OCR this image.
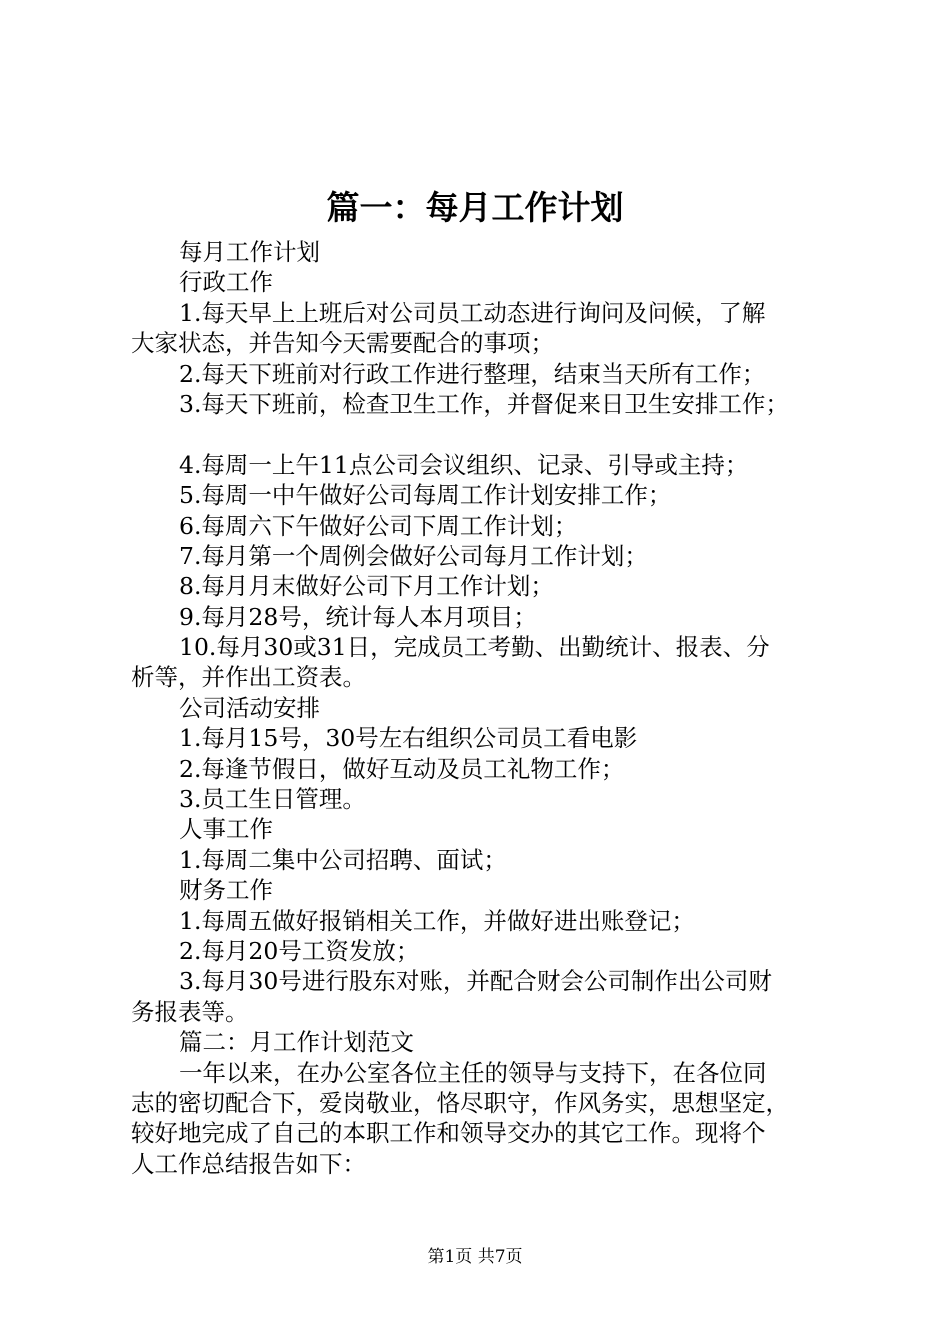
篇一：每月工作计划
每月工作计划
行政工作
1.每天早上上班后对公司员工动态进行询问及问候，了解
大家状态，并告知今天需要配合的事项；
2.每天下班前对行政工作进行整理，结束当天所有工作；
3.每天下班前，检查卫生工作，并督促来日卫生安排工作；
4.每周一上午11点公司会议组织、记录、引导或主持；
5.每周一中午做好公司每周工作计划安排工作；
6.每周六下午做好公司下周工作计划；
7.每月第一个周例会做好公司每月工作计划；
8.每月月末做好公司下月工作计划；
9.每月28号，统计每人本月项目；
10.每月30或31日，完成员工考勤、出勤统计、报表、分
析等，并作出工资表。
公司活动安排
1.每月15号，30号左右组织公司员工看电影
2.每逢节假日，做好互动及员工礼物工作；
3.员工生日管理。
人事工作
1.每周二集中公司招聘、面试；
财务工作
1.每周五做好报销相关工作，并做好进出账登记；
2.每月20号工资发放；
3.每月30号进行股东对账，并配合财会公司制作出公司财
务报表等。
篇二：月工作计划范文
一年以来，在办公室各位主任的领导与支持下，在各位同
志的密切配合下，爱岗敬业，恪尽职守，作风务实，思想坚定，
较好地完成了自己的本职工作和领导交办的其它工作。现将个
人工作总结报告如下：
第1页 共7页
